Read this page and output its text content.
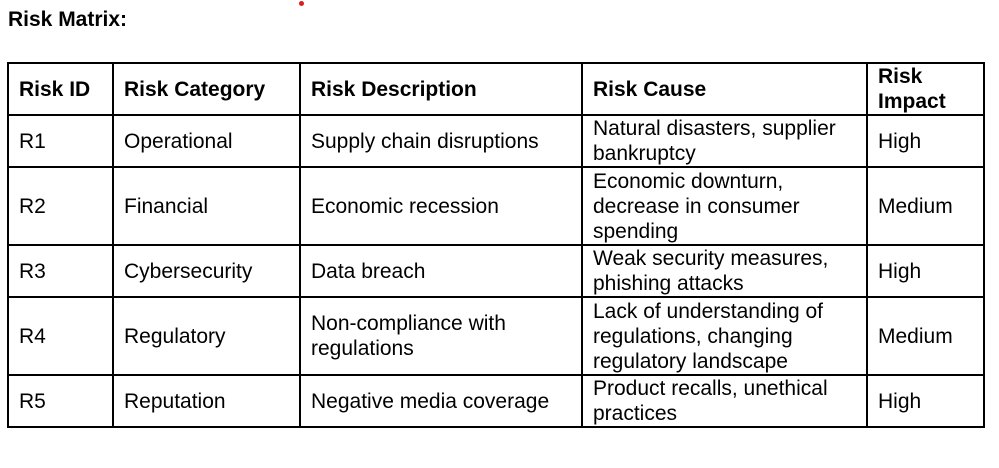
Risk Matrix:
Risk ID	Risk Category	Risk Description	Risk Cause	Risk Impact
R1	Operational	Supply chain disruptions	Natural disasters, supplier bankruptcy	High
R2	Financial	Economic recession	Economic downturn, decrease in consumer spending	Medium
R3	Cybersecurity	Data breach	Weak security measures, phishing attacks	High
R4	Regulatory	Non-compliance with regulations	Lack of understanding of regulations, changing regulatory landscape	Medium
R5	Reputation	Negative media coverage	Product recalls, unethical practices	High
